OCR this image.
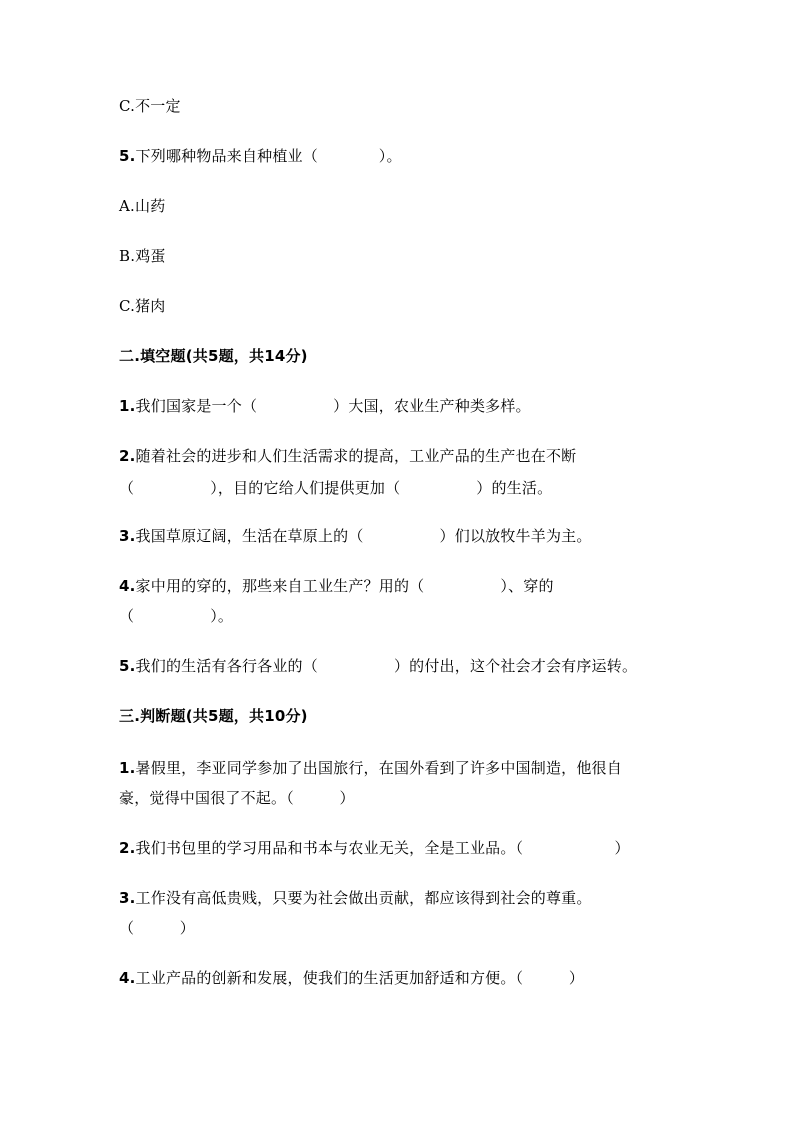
C.不一定
5.下列哪种物品来自种植业（　　　　）。
A.山药
B.鸡蛋
C.猪肉
二.填空题(共5题，共14分)
1.我们国家是一个（　　　　　）大国，农业生产种类多样。
2.随着社会的进步和人们生活需求的提高，工业产品的生产也在不断
（　　　　　），目的它给人们提供更加（　　　　　）的生活。
3.我国草原辽阔，生活在草原上的（　　　　　）们以放牧牛羊为主。
4.家中用的穿的，那些来自工业生产？用的（　　　　　）、穿的
（　　　　　）。
5.我们的生活有各行各业的（　　　　　）的付出，这个社会才会有序运转。
三.判断题(共5题，共10分)
1.暑假里，李亚同学参加了出国旅行，在国外看到了许多中国制造，他很自
豪，觉得中国很了不起。（　　　）
2.我们书包里的学习用品和书本与农业无关，全是工业品。（　　　　　　）
3.工作没有高低贵贱，只要为社会做出贡献，都应该得到社会的尊重。
（　　　）
4.工业产品的创新和发展，使我们的生活更加舒适和方便。（　　　）
